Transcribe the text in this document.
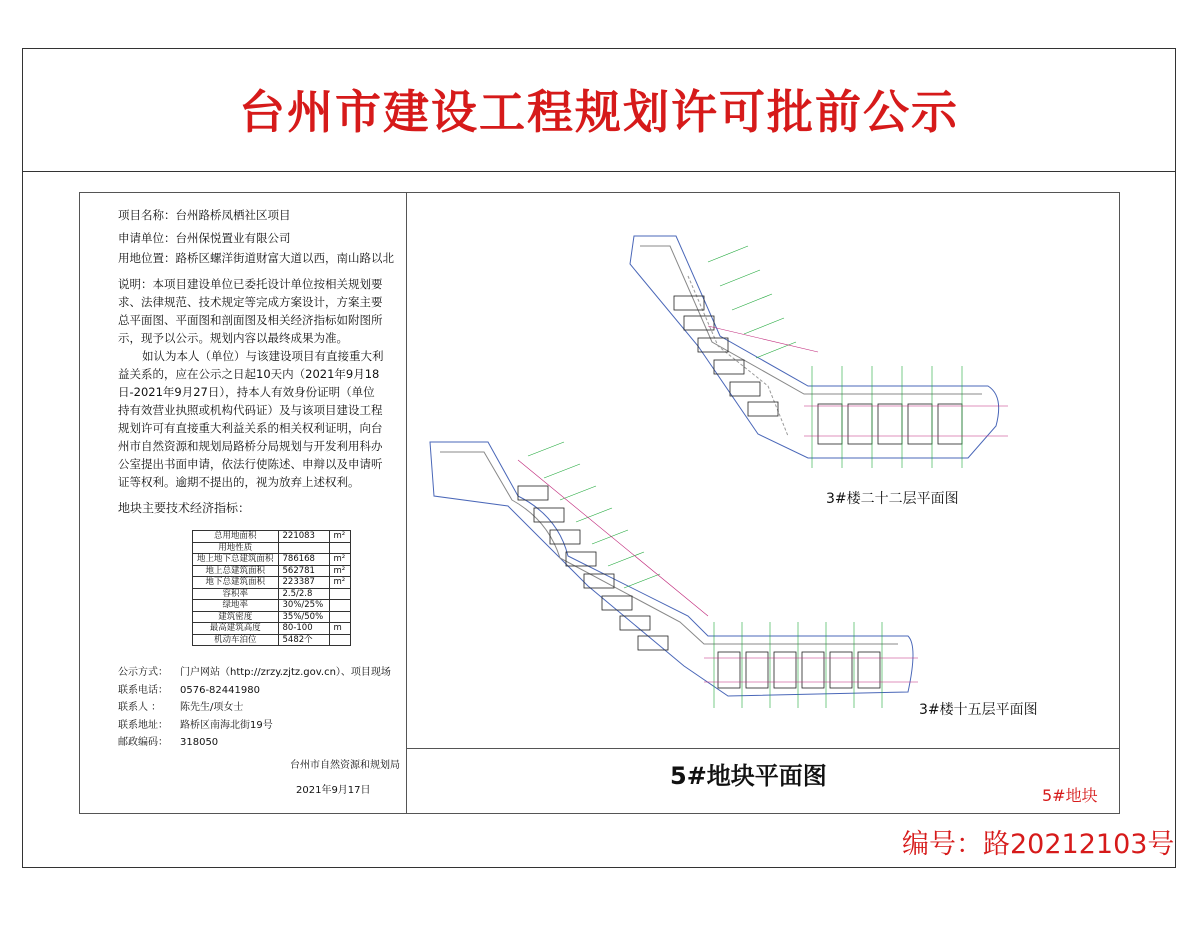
台州市建设工程规划许可批前公示
项目名称：台州路桥凤栖社区项目
申请单位：台州保悦置业有限公司
用地位置：路桥区螺洋街道财富大道以西，南山路以北
说明：本项目建设单位已委托设计单位按相关规划要求、法律规范、技术规定等完成方案设计，方案主要总平面图、平面图和剖面图及相关经济指标如附图所示，现予以公示。规划内容以最终成果为准。
如认为本人（单位）与该建设项目有直接重大利益关系的，应在公示之日起10天内（2021年9月18日-2021年9月27日），持本人有效身份证明（单位持有效营业执照或机构代码证）及与该项目建设工程规划许可有直接重大利益关系的相关权利证明，向台州市自然资源和规划局路桥分局规划与开发利用科办公室提出书面申请，依法行使陈述、申辩以及申请听证等权利。逾期不提出的，视为放弃上述权利。
地块主要技术经济指标：
总用地面积	221083	m²
用地性质		
地上地下总建筑面积	786168	m²
地上总建筑面积	562781	m²
地下总建筑面积	223387	m²
容积率	2.5/2.8	
绿地率	30%/25%	
建筑密度	35%/50%	
最高建筑高度	80-100	m
机动车泊位	5482个	
公示方式： 门户网站（http://zrzy.zjtz.gov.cn）、项目现场
联系电话： 0576-82441980
联系人 ： 陈先生/项女士
联系地址： 路桥区南海北街19号
邮政编码： 318050
台州市自然资源和规划局
2021年9月17日
3#楼二十二层平面图
3#楼十五层平面图
5#地块平面图
5#地块
编号：路20212103号
